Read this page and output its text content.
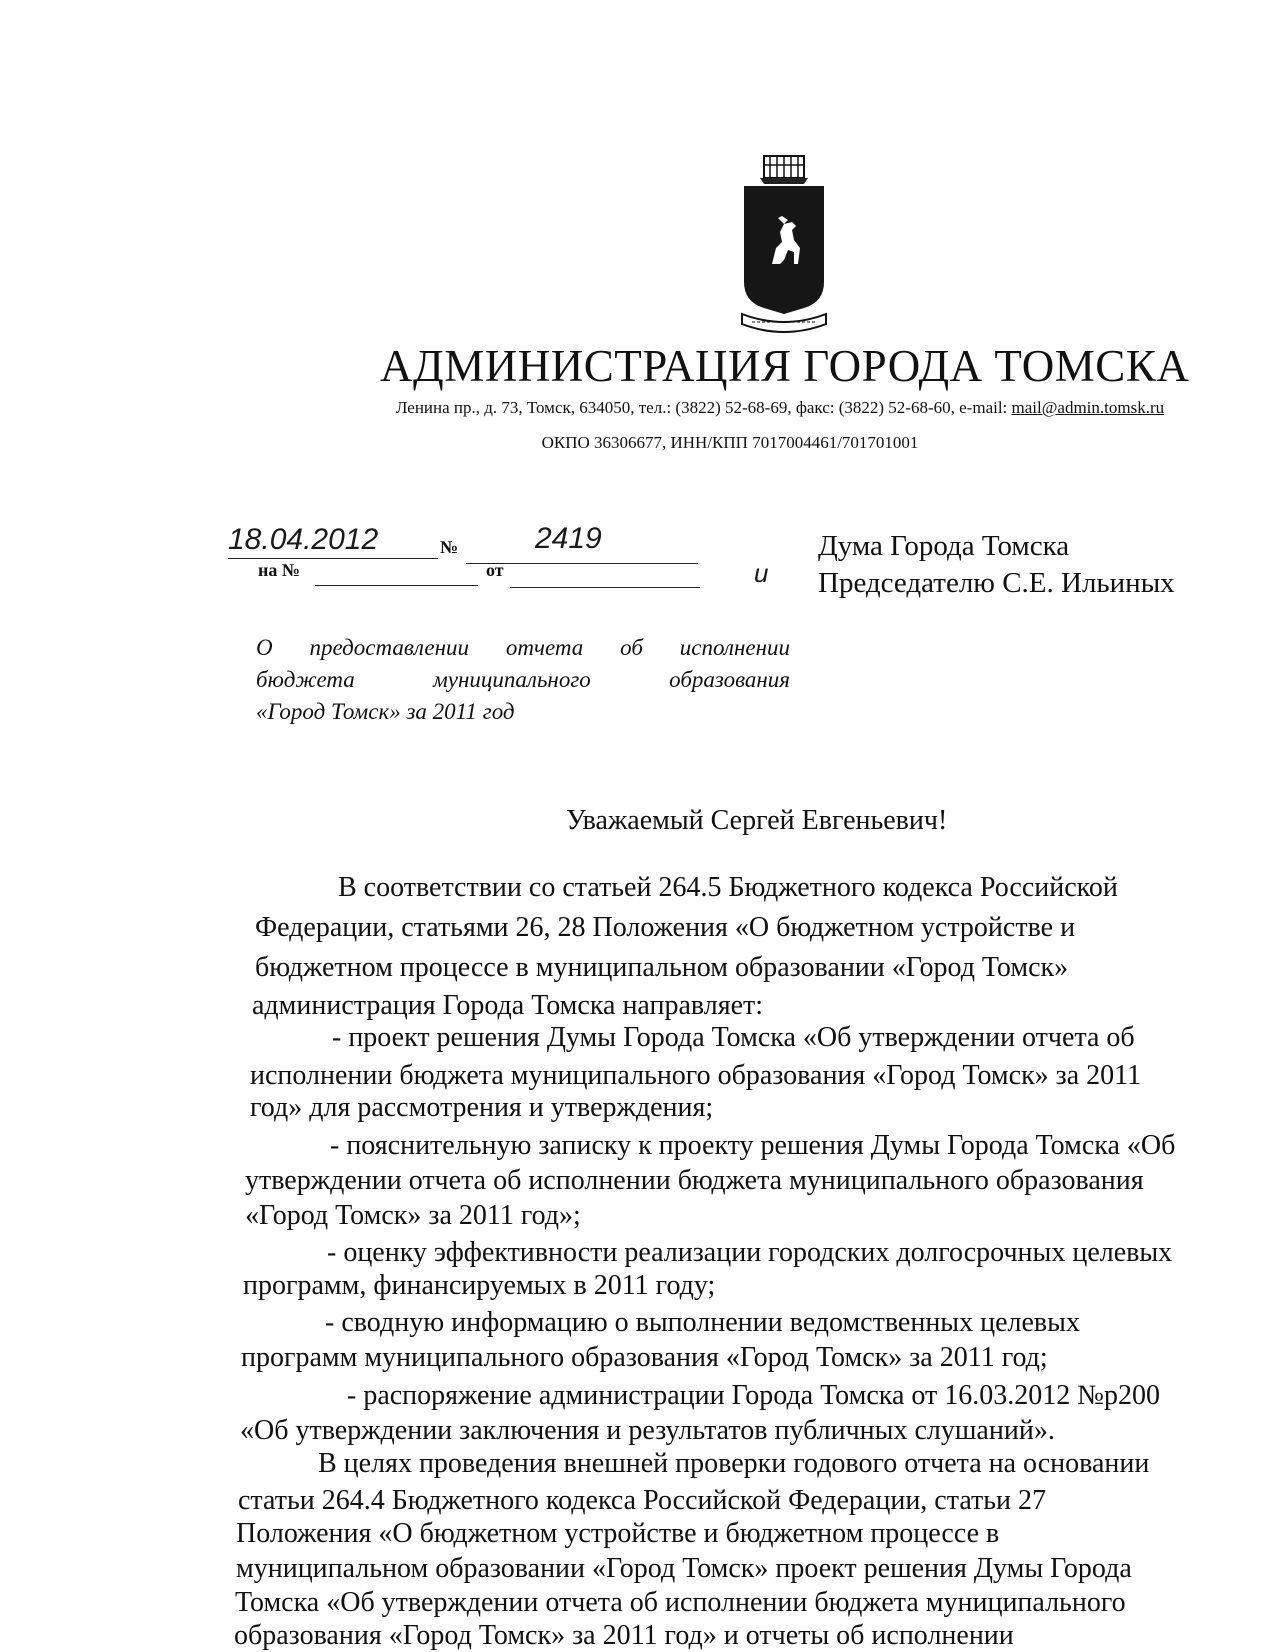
АДМИНИСТРАЦИЯ ГОРОДА ТОМСКА
Ленина пр., д. 73, Томск, 634050, тел.: (3822) 52-68-69, факс: (3822) 52-68-60, e-mail: mail@admin.tomsk.ru
ОКПО 36306677, ИНН/КПП 7017004461/701701001
18.04.2012	№	2419
на №	от	и
Дума Города Томска
Председателю С.Е. Ильиных
О предоставлении отчета об исполнении
бюджета муниципального образования
«Город Томск» за 2011 год
Уважаемый Сергей Евгеньевич!
В соответствии со статьей 264.5 Бюджетного кодекса Российской
Федерации, статьями 26, 28 Положения «О бюджетном устройстве и
бюджетном процессе в муниципальном образовании «Город Томск»
администрация Города Томска направляет:
- проект решения Думы Города Томска «Об утверждении отчета об
исполнении бюджета муниципального образования «Город Томск» за 2011
год» для рассмотрения и утверждения;
- пояснительную записку к проекту решения Думы Города Томска «Об
утверждении отчета об исполнении бюджета муниципального образования
«Город Томск» за 2011 год»;
- оценку эффективности реализации городских долгосрочных целевых
программ, финансируемых в 2011 году;
- сводную информацию о выполнении ведомственных целевых
программ муниципального образования «Город Томск» за 2011 год;
- распоряжение администрации Города Томска от 16.03.2012 №р200
«Об утверждении заключения и результатов публичных слушаний».
В целях проведения внешней проверки годового отчета на основании
статьи 264.4 Бюджетного кодекса Российской Федерации, статьи 27
Положения «О бюджетном устройстве и бюджетном процессе в
муниципальном образовании «Город Томск» проект решения Думы Города
Томска «Об утверждении отчета об исполнении бюджета муниципального
образования «Город Томск» за 2011 год» и отчеты об исполнении
